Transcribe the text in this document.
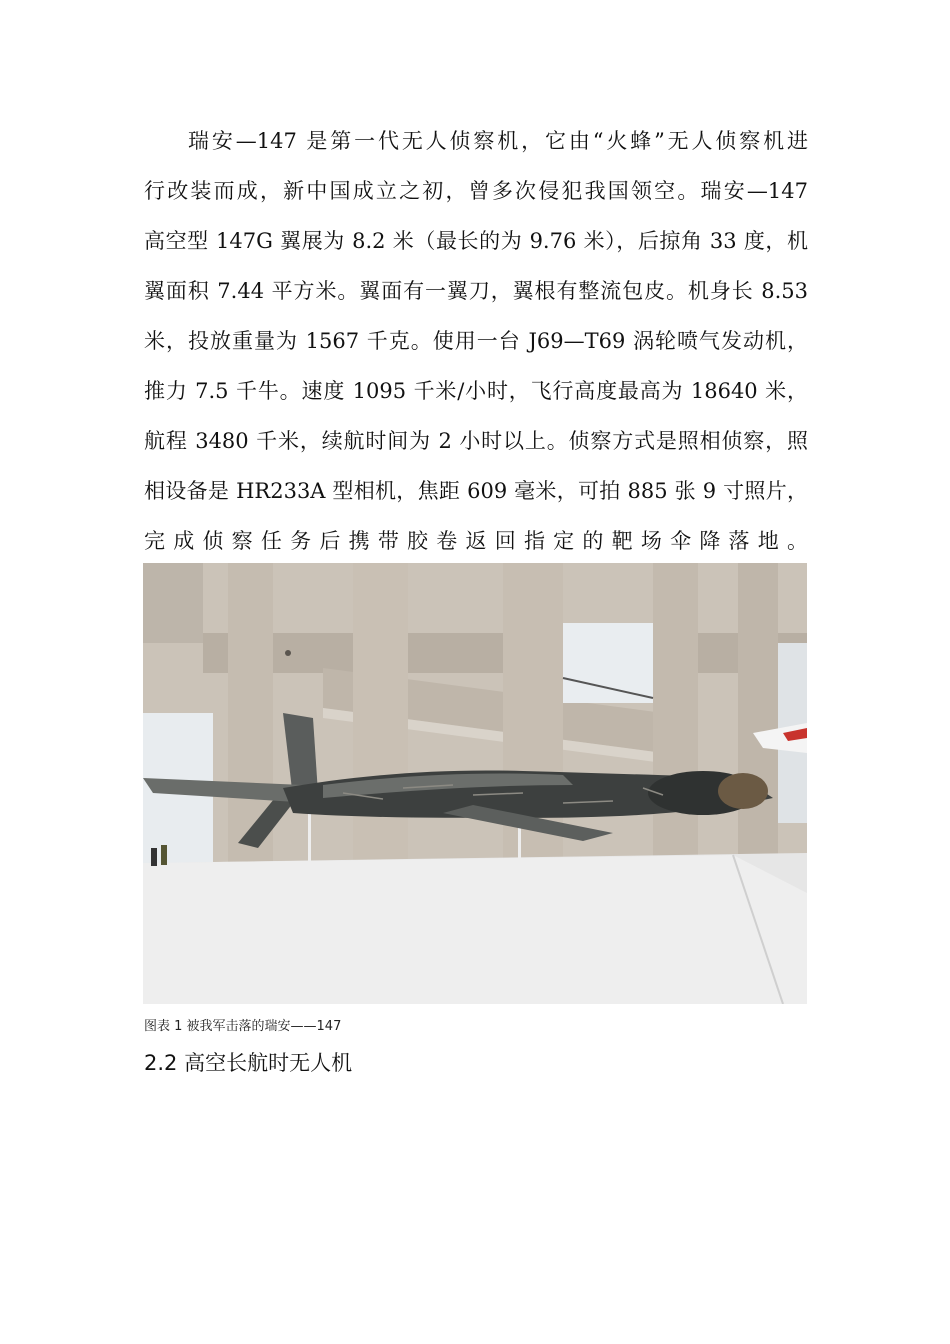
瑞安—147 是第一代无人侦察机，它由“火蜂”无人侦察机进
行改装而成，新中国成立之初，曾多次侵犯我国领空。瑞安—147
高空型 147G 翼展为 8.2 米（最长的为 9.76 米），后掠角 33 度，机
翼面积 7.44 平方米。翼面有一翼刀，翼根有整流包皮。机身长 8.53
米，投放重量为 1567 千克。使用一台 J69—T69 涡轮喷气发动机，
推力 7.5 千牛。速度 1095 千米/小时，飞行高度最高为 18640 米，
航程 3480 千米，续航时间为 2 小时以上。侦察方式是照相侦察，照
相设备是 HR233A 型相机，焦距 609 毫米，可拍 885 张 9 寸照片，
完成侦察任务后携带胶卷返回指定的靶场伞降落地。
图表 1 被我军击落的瑞安——147
2.2 高空长航时无人机
